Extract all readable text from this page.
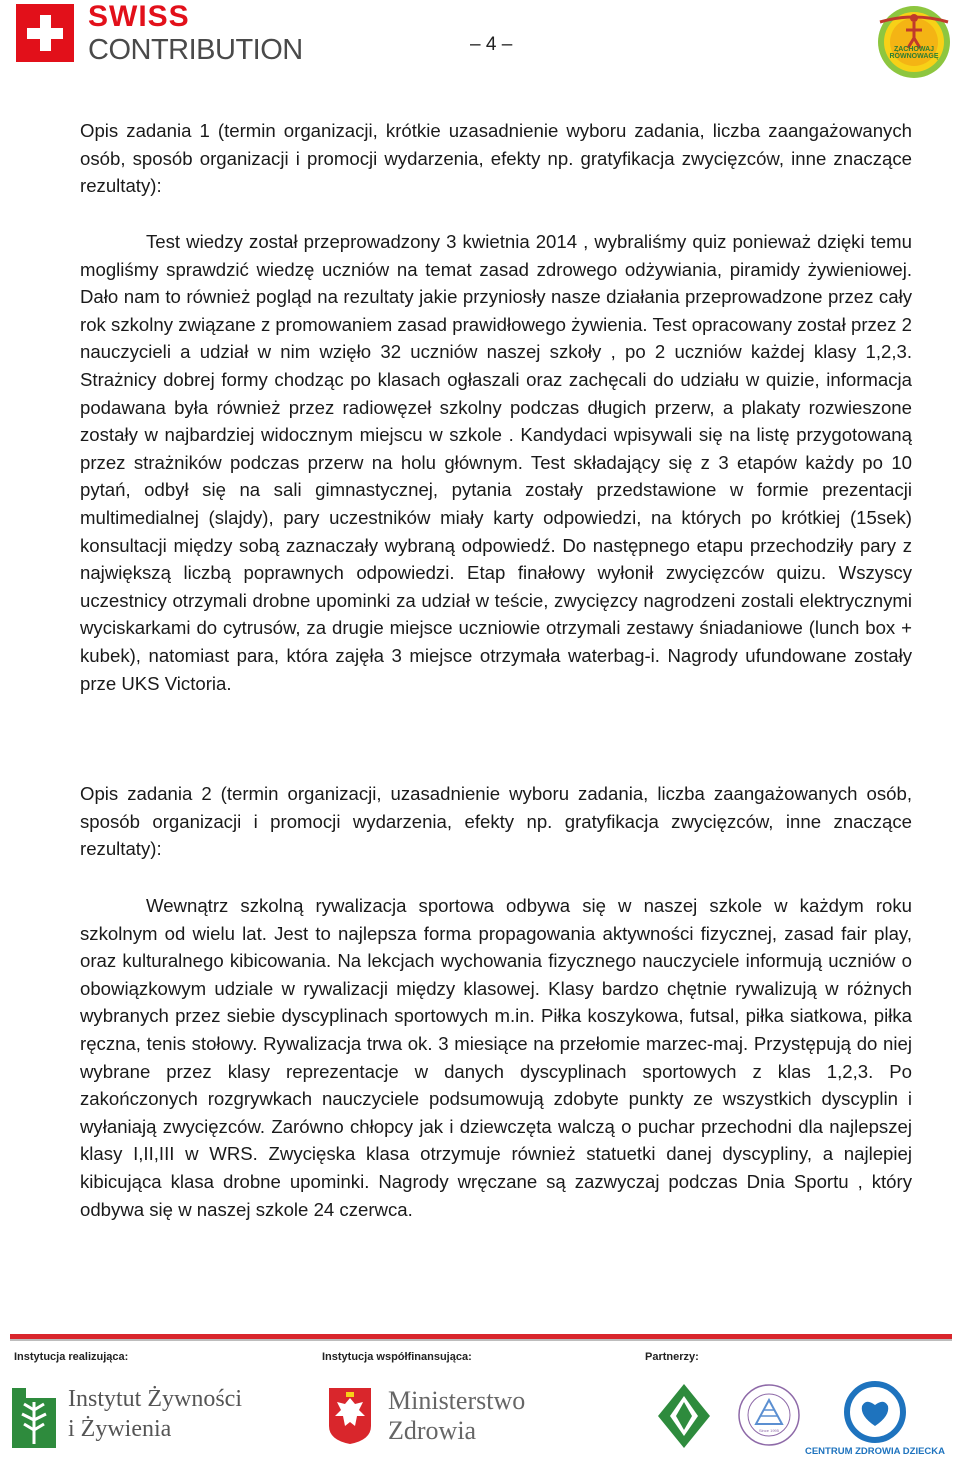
SWISS
CONTRIBUTION	– 4 –	ZACHOWAJ RÓWNOWAGĘ

Opis zadania 1 (termin organizacji, krótkie uzasadnienie wyboru zadania, liczba zaangażowanych osób, sposób organizacji i promocji wydarzenia, efekty np. gratyfikacja zwycięzców, inne znaczące rezultaty):

Test wiedzy został przeprowadzony 3 kwietnia 2014 , wybraliśmy quiz ponieważ dzięki temu mogliśmy sprawdzić wiedzę uczniów na temat zasad zdrowego odżywiania, piramidy żywieniowej. Dało nam to również pogląd na rezultaty jakie przyniosły nasze działania przeprowadzone przez cały rok szkolny związane z promowaniem zasad prawidłowego żywienia. Test opracowany został przez 2 nauczycieli a udział w nim wzięło 32 uczniów naszej szkoły , po 2 uczniów każdej klasy 1,2,3. Strażnicy dobrej formy chodząc po klasach ogłaszali oraz zachęcali do udziału w quizie, informacja podawana była również przez radiowęzeł szkolny podczas długich przerw, a plakaty rozwieszone zostały w najbardziej widocznym miejscu w szkole . Kandydaci wpisywali się na listę przygotowaną przez strażników podczas przerw na holu głównym. Test składający się z 3 etapów każdy po 10 pytań, odbył się na sali gimnastycznej, pytania zostały przedstawione w formie prezentacji multimedialnej (slajdy), pary uczestników miały karty odpowiedzi, na których po krótkiej (15sek) konsultacji między sobą zaznaczały wybraną odpowiedź. Do następnego etapu przechodziły pary z największą liczbą poprawnych odpowiedzi. Etap finałowy wyłonił zwycięzców quizu. Wszyscy uczestnicy otrzymali drobne upominki za udział w teście, zwycięzcy nagrodzeni zostali elektrycznymi wyciskarkami do cytrusów, za drugie miejsce uczniowie otrzymali zestawy śniadaniowe (lunch box + kubek), natomiast para, która zajęła 3 miejsce otrzymała waterbag-i. Nagrody ufundowane zostały prze UKS Victoria.

Opis zadania 2 (termin organizacji, uzasadnienie wyboru zadania, liczba zaangażowanych osób, sposób organizacji i promocji wydarzenia, efekty np. gratyfikacja zwycięzców, inne znaczące rezultaty):

Wewnątrz szkolną rywalizacja sportowa odbywa się w naszej szkole w każdym roku szkolnym od wielu lat. Jest to najlepsza forma propagowania aktywności fizycznej, zasad fair play, oraz kulturalnego kibicowania. Na lekcjach wychowania fizycznego nauczyciele informują uczniów o obowiązkowym udziale w rywalizacji między klasowej. Klasy bardzo chętnie rywalizują w różnych wybranych przez siebie dyscyplinach sportowych m.in. Piłka koszykowa, futsal, piłka siatkowa, piłka ręczna, tenis stołowy. Rywalizacja trwa ok. 3 miesiące na przełomie marzec-maj. Przystępują do niej wybrane przez klasy reprezentacje w danych dyscyplinach sportowych z klas 1,2,3. Po zakończonych rozgrywkach nauczyciele podsumowują zdobyte punkty ze wszystkich dyscyplin i wyłaniają zwycięzców. Zarówno chłopcy jak i dziewczęta walczą o puchar przechodni dla najlepszej klasy I,II,III w WRS. Zwycięska klasa otrzymuje również statuetki danej dyscypliny, a najlepiej kibicująca klasa drobne upominki. Nagrody wręczane są zazwyczaj podczas Dnia Sportu , który odbywa się w naszej szkole 24 czerwca.

Instytucja realizująca:	Instytucja współfinansująca:	Partnerzy:
Instytut Żywności
i Żywienia
Ministerstwo
Zdrowia	Since 1995
CENTRUM ZDROWIA DZIECKA
